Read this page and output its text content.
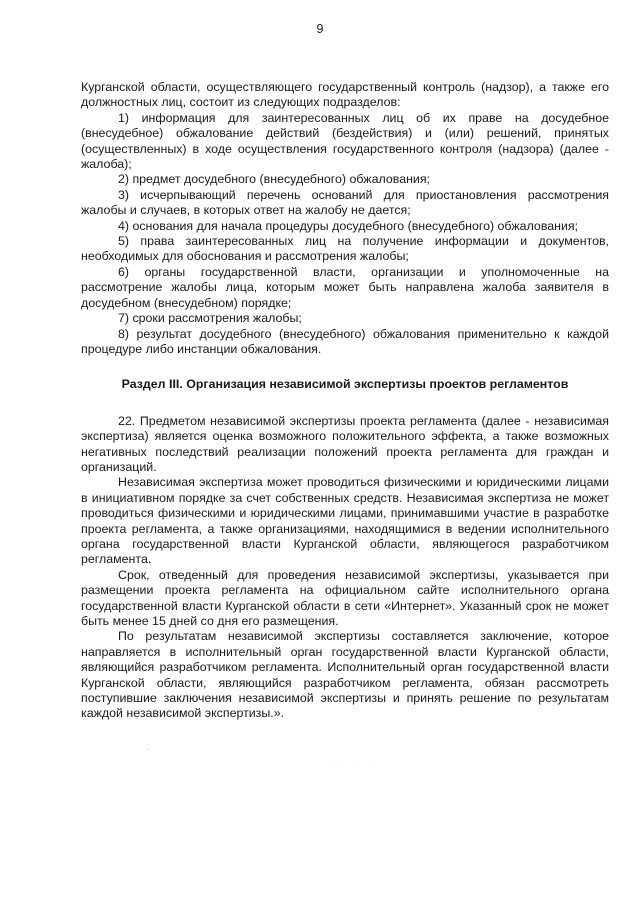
9

Курганской области, осуществляющего государственный контроль (надзор), а также его должностных лиц, состоит из следующих подразделов:

1) информация для заинтересованных лиц об их праве на досудебное (внесудебное) обжалование действий (бездействия) и (или) решений, принятых (осуществленных) в ходе осуществления государственного контроля (надзора) (далее - жалоба);

2) предмет досудебного (внесудебного) обжалования;

3) исчерпывающий перечень оснований для приостановления рассмотрения жалобы и случаев, в которых ответ на жалобу не дается;

4) основания для начала процедуры досудебного (внесудебного) обжалования;

5) права заинтересованных лиц на получение информации и документов, необходимых для обоснования и рассмотрения жалобы;

6) органы государственной власти, организации и уполномоченные на рассмотрение жалобы лица, которым может быть направлена жалоба заявителя в досудебном (внесудебном) порядке;

7) сроки рассмотрения жалобы;

8) результат досудебного (внесудебного) обжалования применительно к каждой процедуре либо инстанции обжалования.

Раздел III. Организация независимой экспертизы проектов регламентов

22. Предметом независимой экспертизы проекта регламента (далее - независимая экспертиза) является оценка возможного положительного эффекта, а также возможных негативных последствий реализации положений проекта регламента для граждан и организаций.

Независимая экспертиза может проводиться физическими и юридическими лицами в инициативном порядке за счет собственных средств. Независимая экспертиза не может проводиться физическими и юридическими лицами, принимавшими участие в разработке проекта регламента, а также организациями, находящимися в ведении исполнительного органа государственной власти Курганской области, являющегося разработчиком регламента.

Срок, отведенный для проведения независимой экспертизы, указывается при размещении проекта регламента на официальном сайте исполнительного органа государственной власти Курганской области в сети «Интернет». Указанный срок не может быть менее 15 дней со дня его размещения.

По результатам независимой экспертизы составляется заключение, которое направляется в исполнительный орган государственной власти Курганской области, являющийся разработчиком регламента. Исполнительный орган государственной власти Курганской области, являющийся разработчиком регламента, обязан рассмотреть поступившие заключения независимой экспертизы и принять решение по результатам каждой независимой экспертизы.».

· · · ·
